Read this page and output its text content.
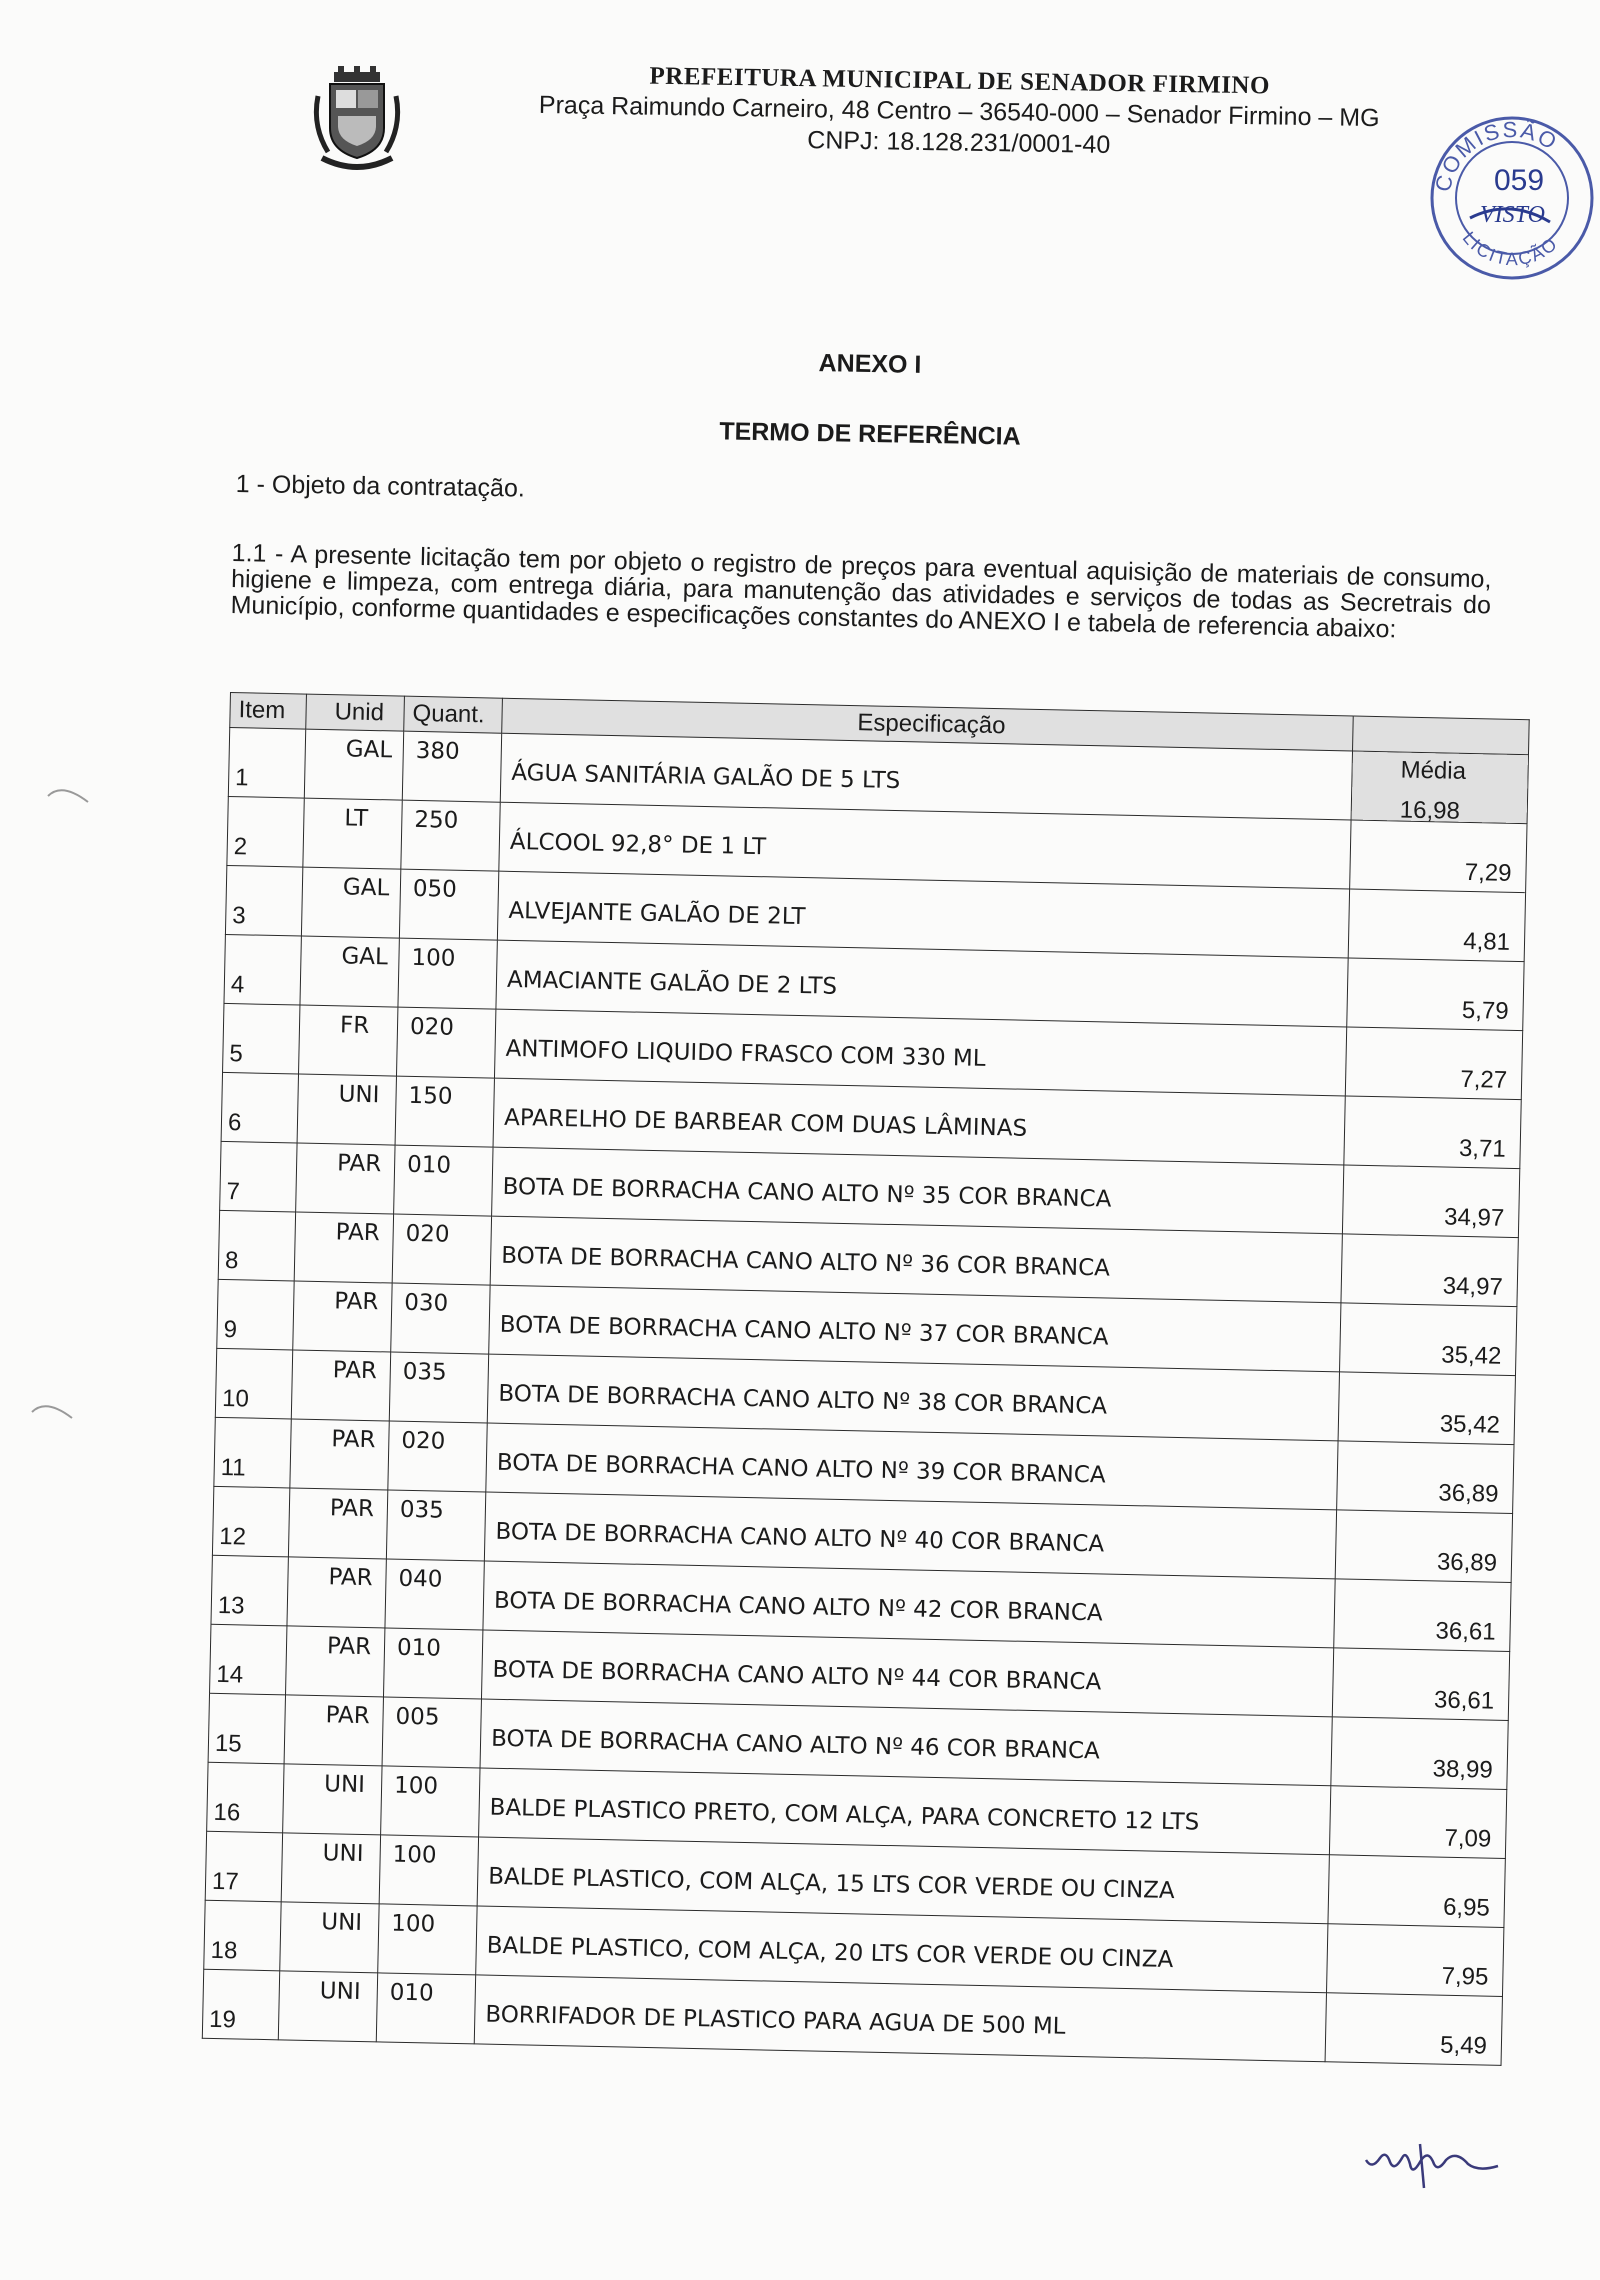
PREFEITURA MUNICIPAL DE SENADOR FIRMINO
Praça Raimundo Carneiro, 48 Centro – 36540-000 – Senador Firmino – MG
CNPJ: 18.128.231/0001-40
COMISSÃO
LICITAÇÃO
059
VISTO
ANEXO I
TERMO DE REFERÊNCIA
1 - Objeto da contratação.
1.1 - A presente licitação tem por objeto o registro de preços para eventual aquisição de materiais de consumo, higiene e limpeza, com entrega diária, para manutenção das atividades e serviços de todas as Secretrais do Município, conforme quantidades e especificações constantes do ANEXO I e tabela de referencia abaixo:
Item	Unid	Quant.	Especificação	

1	GAL	380	ÁGUA SANITÁRIA GALÃO DE 5 LTS	Média
16,98

2	LT	250	ÁLCOOL 92,8° DE 1 LT	7,29

3	GAL	050	ALVEJANTE GALÃO DE 2LT	4,81

4	GAL	100	AMACIANTE GALÃO DE 2 LTS	5,79

5	FR	020	ANTIMOFO LIQUIDO FRASCO COM 330 ML	7,27

6	UNI	150	APARELHO DE BARBEAR COM DUAS LÂMINAS	3,71

7	PAR	010	BOTA DE BORRACHA CANO ALTO Nº 35 COR BRANCA	34,97

8	PAR	020	BOTA DE BORRACHA CANO ALTO Nº 36 COR BRANCA	34,97

9	PAR	030	BOTA DE BORRACHA CANO ALTO Nº 37 COR BRANCA	35,42

10	PAR	035	BOTA DE BORRACHA CANO ALTO Nº 38 COR BRANCA	35,42

11	PAR	020	BOTA DE BORRACHA CANO ALTO Nº 39 COR BRANCA	36,89

12	PAR	035	BOTA DE BORRACHA CANO ALTO Nº 40 COR BRANCA	36,89

13	PAR	040	BOTA DE BORRACHA CANO ALTO Nº 42 COR BRANCA	36,61

14	PAR	010	BOTA DE BORRACHA CANO ALTO Nº 44 COR BRANCA	36,61

15	PAR	005	BOTA DE BORRACHA CANO ALTO Nº 46 COR BRANCA	38,99

16	UNI	100	BALDE PLASTICO PRETO, COM ALÇA, PARA CONCRETO 12 LTS	7,09

17	UNI	100	BALDE PLASTICO, COM ALÇA, 15 LTS COR VERDE OU CINZA	6,95

18	UNI	100	BALDE PLASTICO, COM ALÇA, 20 LTS COR VERDE OU CINZA	7,95

19	UNI	010	BORRIFADOR DE PLASTICO PARA AGUA DE 500 ML	5,49
